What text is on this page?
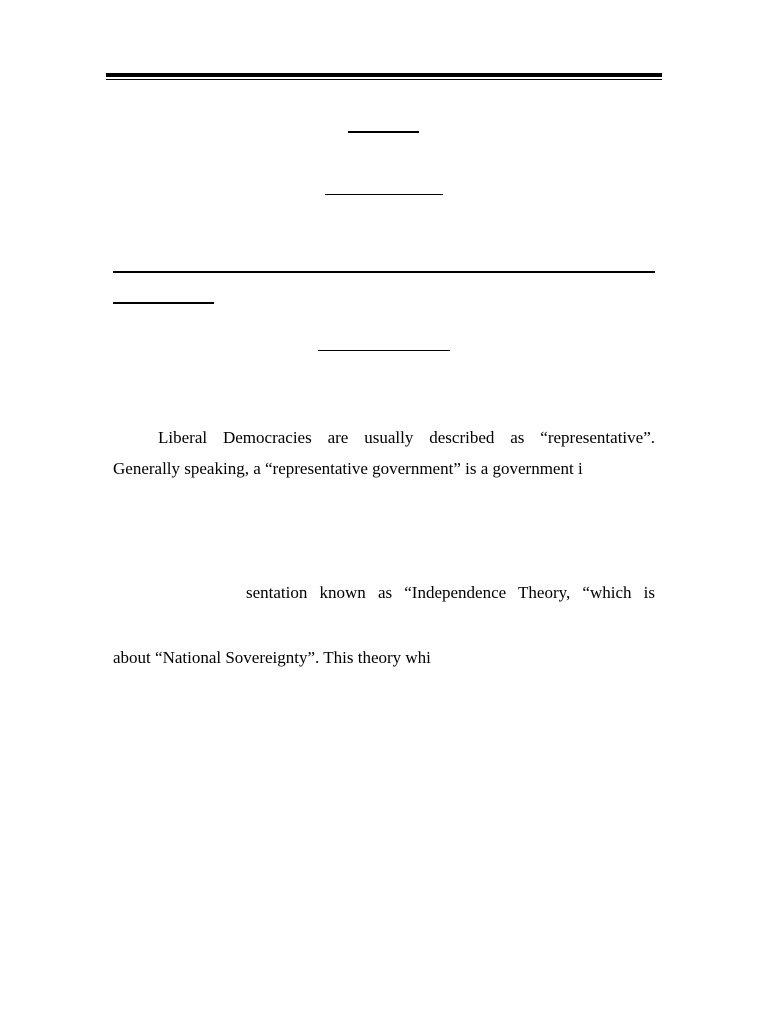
Liberal Democracies are usually described as “representative”.
Generally speaking, a “representative government” is a government i
sentation known as “Independence Theory, “which is
about “National Sovereignty”. This theory whi
